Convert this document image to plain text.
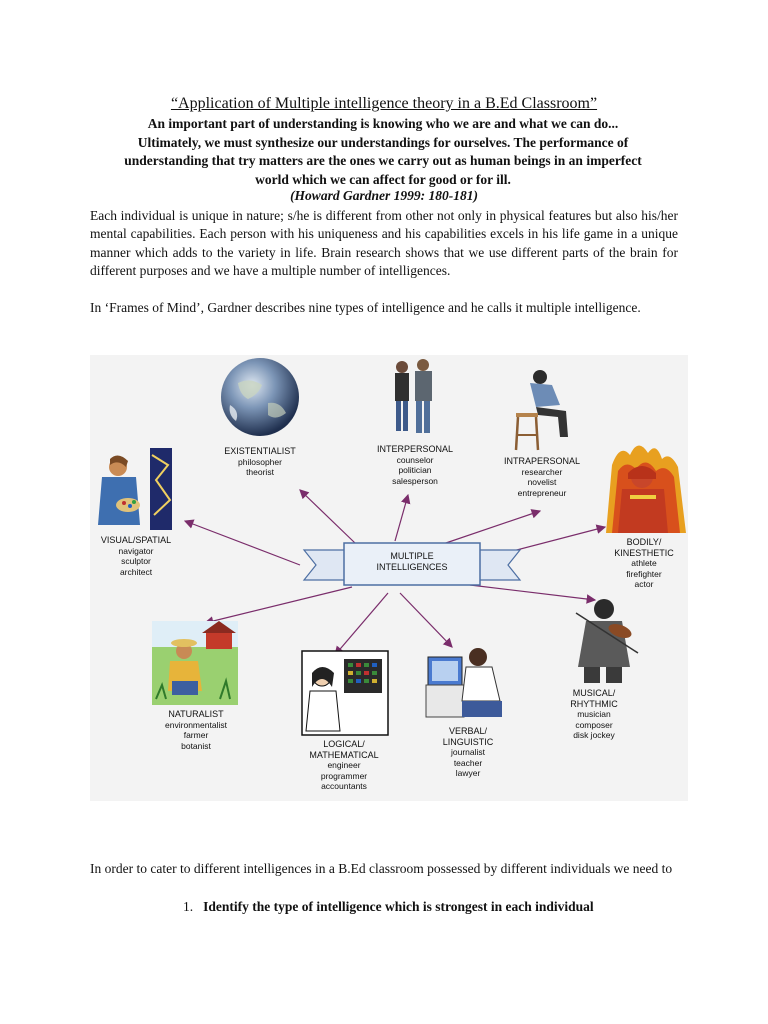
“Application of Multiple intelligence theory in a B.Ed Classroom”
An important part of understanding is knowing who we are and what we can do...
Ultimately, we must synthesize our understandings for ourselves. The performance of
understanding that try matters are the ones we carry out as human beings in an imperfect
world which we can affect for good or for ill.
(Howard Gardner 1999: 180-181)

Each individual is unique in nature; s/he is different from other not only in physical features but also his/her mental capabilities. Each person with his uniqueness and his capabilities excels in his life game in a unique manner which adds to the variety in life. Brain research shows that we use different parts of the brain for different purposes and we have a multiple number of intelligences.

In ‘Frames of Mind’, Gardner describes nine types of intelligence and he calls it multiple intelligence.

MULTIPLE
INTELLIGENCES
EXISTENTIALIST
philosopher
theorist
INTERPERSONAL
counselor
politician
salesperson
INTRAPERSONAL
researcher
novelist
entrepreneur
VISUAL/SPATIAL
navigator
sculptor
architect
BODILY/
KINESTHETIC
athlete
firefighter
actor
NATURALIST
environmentalist
farmer
botanist	LOGICAL/
MATHEMATICAL
engineer
programmer
accountants
VERBAL/
LINGUISTIC
journalist
teacher
lawyer
MUSICAL/
RHYTHMIC
musician
composer
disk jockey

In order to cater to different intelligences in a B.Ed classroom possessed by different individuals we need to

1. Identify the type of intelligence which is strongest in each individual
